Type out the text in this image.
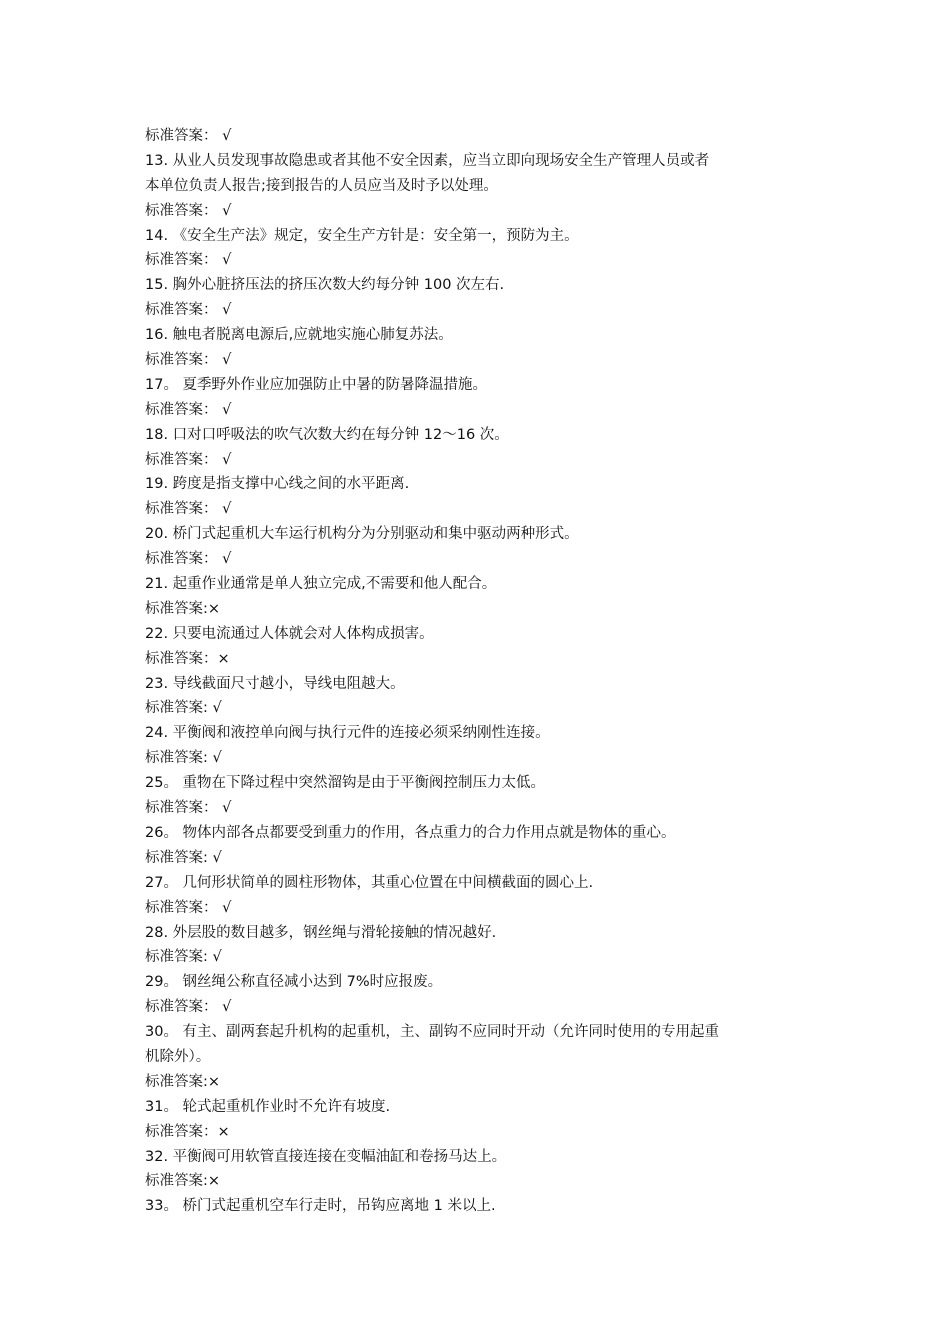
标准答案： √
13. 从业人员发现事故隐患或者其他不安全因素，应当立即向现场安全生产管理人员或者
本单位负责人报告;接到报告的人员应当及时予以处理。
标准答案： √
14. 《安全生产法》规定，安全生产方针是：安全第一，预防为主。
标准答案： √
15. 胸外心脏挤压法的挤压次数大约每分钟 100 次左右.
标准答案： √
16. 触电者脱离电源后,应就地实施心肺复苏法。
标准答案： √
17。 夏季野外作业应加强防止中暑的防暑降温措施。
标准答案： √
18. 口对口呼吸法的吹气次数大约在每分钟 12～16 次。
标准答案： √
19. 跨度是指支撑中心线之间的水平距离.
标准答案： √
20. 桥门式起重机大车运行机构分为分别驱动和集中驱动两种形式。
标准答案： √
21. 起重作业通常是单人独立完成,不需要和他人配合。
标准答案:×
22. 只要电流通过人体就会对人体构成损害。
标准答案：×
23. 导线截面尺寸越小，导线电阻越大。
标准答案: √
24. 平衡阀和液控单向阀与执行元件的连接必须采纳刚性连接。
标准答案: √
25。 重物在下降过程中突然溜钩是由于平衡阀控制压力太低。
标准答案： √
26。 物体内部各点都要受到重力的作用，各点重力的合力作用点就是物体的重心。
标准答案: √
27。 几何形状简单的圆柱形物体，其重心位置在中间横截面的圆心上.
标准答案： √
28. 外层股的数目越多，钢丝绳与滑轮接触的情况越好.
标准答案: √
29。 钢丝绳公称直径减小达到 7%时应报废。
标准答案： √
30。 有主、副两套起升机构的起重机，主、副钩不应同时开动（允许同时使用的专用起重
机除外）。
标准答案:×
31。 轮式起重机作业时不允许有坡度.
标准答案：×
32. 平衡阀可用软管直接连接在变幅油缸和卷扬马达上。
标准答案:×
33。 桥门式起重机空车行走时，吊钩应离地 1 米以上.
